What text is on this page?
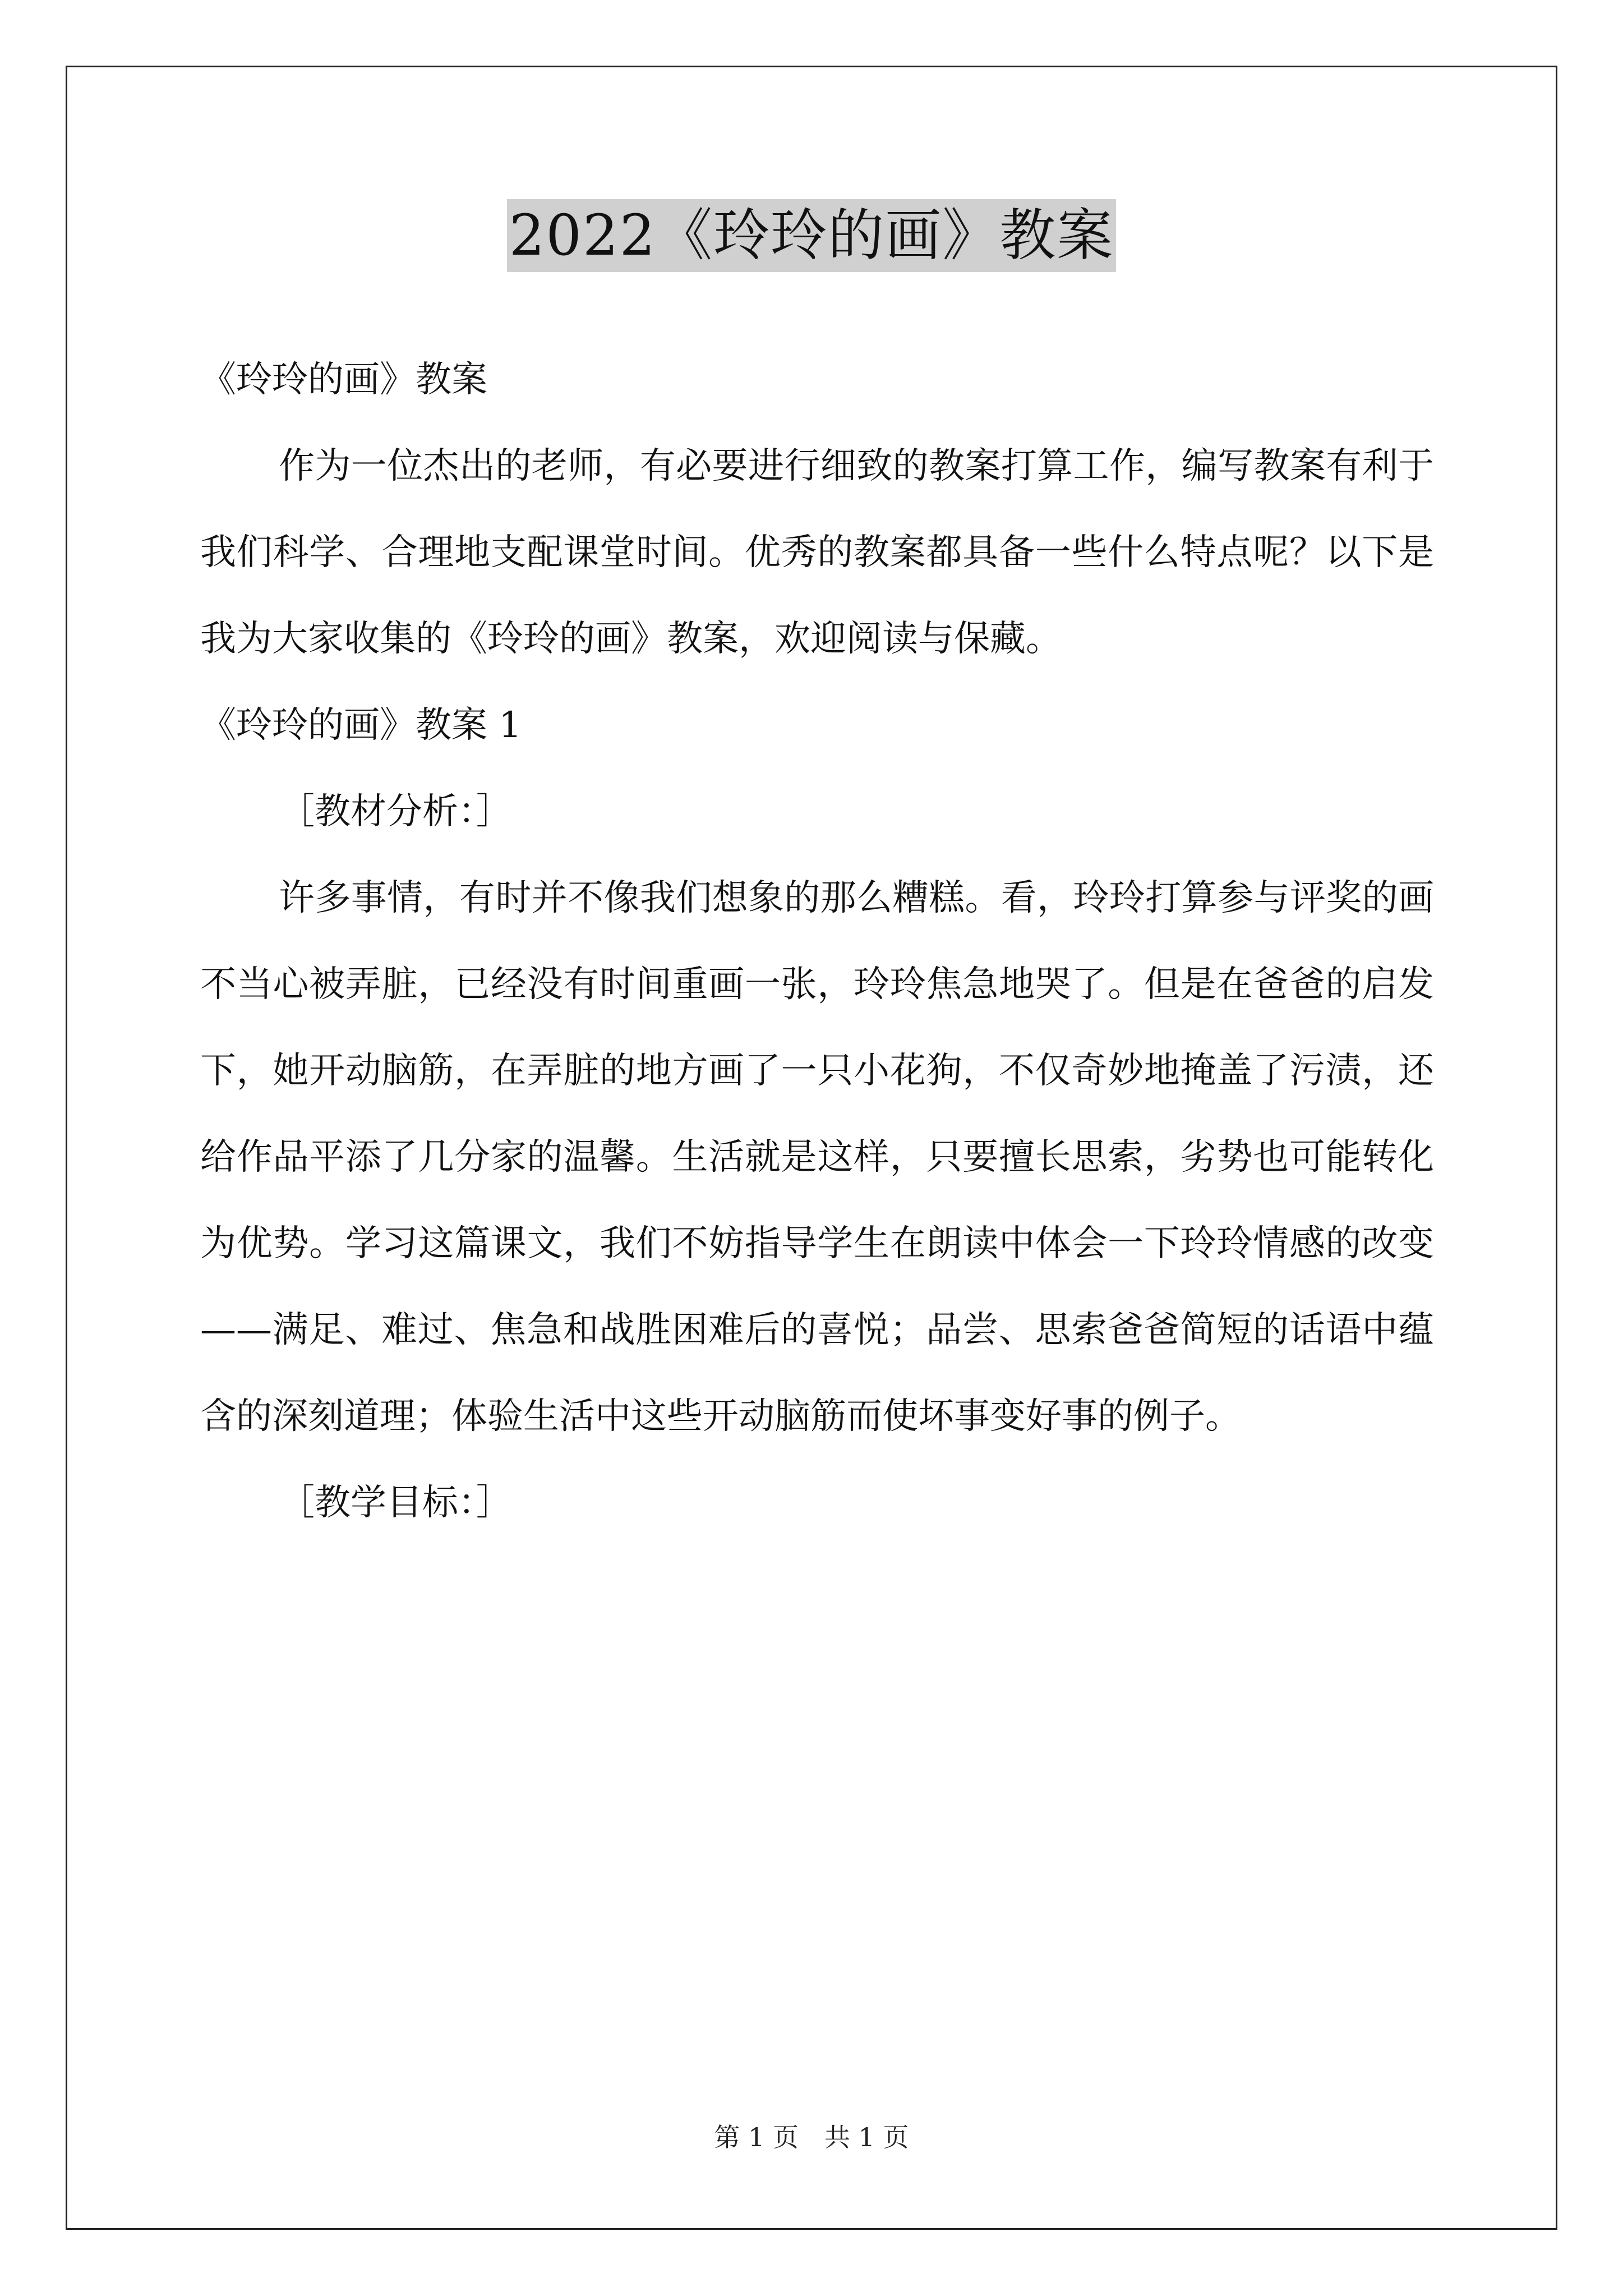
2022《玲玲的画》教案

《玲玲的画》教案

作为一位杰出的老师，有必要进行细致的教案打算工作，编写教案有利于我们科学、合理地支配课堂时间。优秀的教案都具备一些什么特点呢？以下是我为大家收集的《玲玲的画》教案，欢迎阅读与保藏。

《玲玲的画》教案 1

［教材分析：］

许多事情，有时并不像我们想象的那么糟糕。看，玲玲打算参与评奖的画不当心被弄脏，已经没有时间重画一张，玲玲焦急地哭了。但是在爸爸的启发下，她开动脑筋，在弄脏的地方画了一只小花狗，不仅奇妙地掩盖了污渍，还给作品平添了几分家的温馨。生活就是这样，只要擅长思索，劣势也可能转化为优势。学习这篇课文，我们不妨指导学生在朗读中体会一下玲玲情感的改变——满足、难过、焦急和战胜困难后的喜悦；品尝、思索爸爸简短的话语中蕴含的深刻道理；体验生活中这些开动脑筋而使坏事变好事的例子。

［教学目标：］

第 1 页　共 1 页
